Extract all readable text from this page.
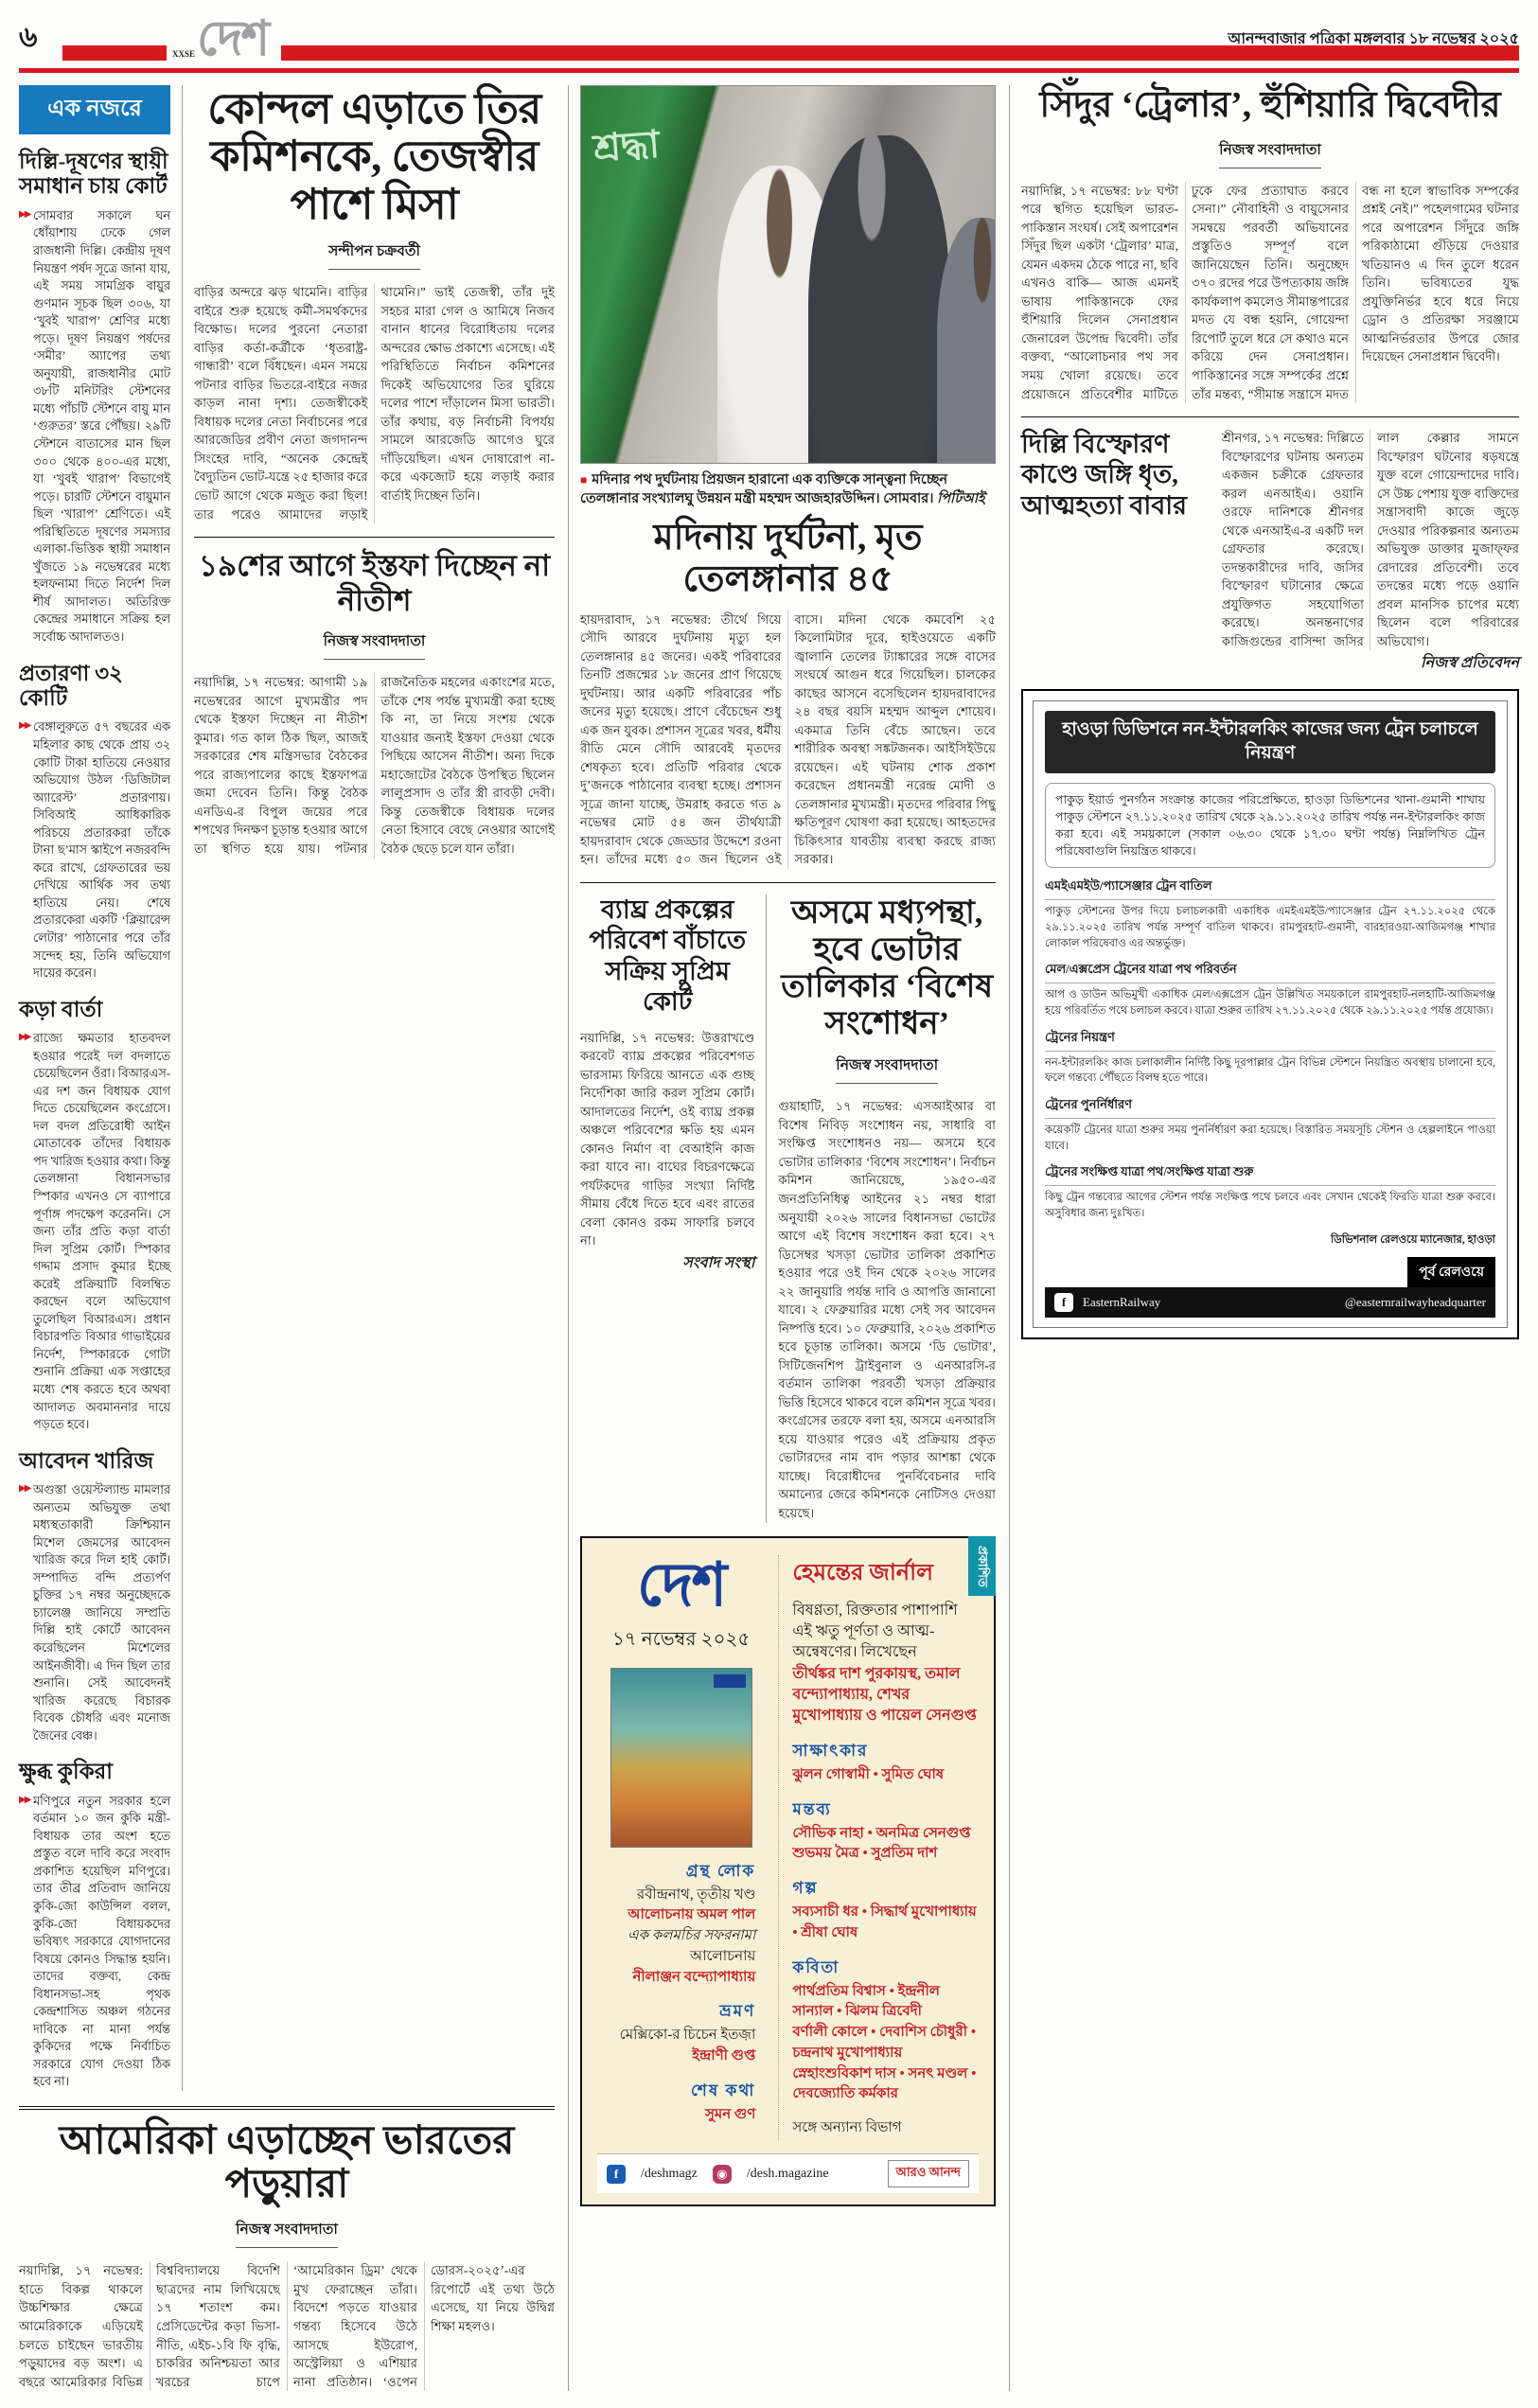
৬
XXSE দেশ	আনন্দবাজার পত্রিকা মঙ্গলবার ১৮ নভেম্বর ২০২৫
এক নজরে
দিল্লি-দূষণের স্থায়ী সমাধান চায় কোর্ট

▶▶ সোমবার সকালে ঘন ধোঁয়াশায় ঢেকে গেল রাজধানী দিল্লি। কেন্দ্রীয় দূষণ নিয়ন্ত্রণ পর্ষদ সূত্রে জানা যায়, এই সময় সামগ্রিক বায়ুর গুণমান সূচক ছিল ৩০৬, যা ‘খুবই খারাপ’ শ্রেণির মধ্যে পড়ে। দূষণ নিয়ন্ত্রণ পর্ষদের ‘সমীর’ অ্যাপের তথ্য অনুযায়ী, রাজধানীর মোট ৩৮টি মনিটরিং স্টেশনের মধ্যে পাঁচটি স্টেশনে বায়ু মান ‘গুরুতর’ স্তরে পৌঁছয়। ২৯টি স্টেশনে বাতাসের মান ছিল ৩০০ থেকে ৪০০-এর মধ্যে, যা ‘খুবই খারাপ’ বিভাগেই পড়ে। চারটি স্টেশনে বায়ুমান ছিল ‘খারাপ’ শ্রেণিতে। এই পরিস্থিতিতে দূষণের সমস্যার এলাকা-ভিত্তিক স্থায়ী সমাধান খুঁজতে ১৯ নভেম্বরের মধ্যে হলফনামা দিতে নির্দেশ দিল শীর্ষ আদালত। অতিরিক্ত কেন্দ্রের সমাধানে সক্রিয় হল সর্বোচ্চ আদালতও।

প্রতারণা ৩২ কোটি

▶▶ বেঙ্গালুরুতে ৫৭ বছরের এক মহিলার কাছ থেকে প্রায় ৩২ কোটি টাকা হাতিয়ে নেওয়ার অভিযোগ উঠল ‘ডিজিটাল অ্যারেস্ট’ প্রতারণায়। সিবিআই আধিকারিক পরিচয়ে প্রতারকরা তাঁকে টানা ছ’মাস স্কাইপে নজরবন্দি করে রাখে, গ্রেফতারের ভয় দেখিয়ে আর্থিক সব তথ্য হাতিয়ে নেয়। শেষে প্রতারকেরা একটি ‘ক্লিয়ারেন্স লেটার’ পাঠানোর পরে তাঁর সন্দেহ হয়, তিনি অভিযোগ দায়ের করেন।

কড়া বার্তা

▶▶ রাজ্যে ক্ষমতার হাতবদল হওয়ার পরেই দল বদলাতে চেয়েছিলেন ওঁরা। বিআরএস-এর দশ জন বিধায়ক যোগ দিতে চেয়েছিলেন কংগ্রেসে। দল বদল প্রতিরোধী আইন মোতাবেক তাঁদের বিধায়ক পদ খারিজ হওয়ার কথা। কিন্তু তেলঙ্গানা বিধানসভার স্পিকার এখনও সে ব্যাপারে পূর্ণাঙ্গ পদক্ষেপ করেননি। সে জন্য তাঁর প্রতি কড়া বার্তা দিল সুপ্রিম কোর্ট। স্পিকার গদ্দাম প্রসাদ কুমার ইচ্ছে করেই প্রক্রিয়াটি বিলম্বিত করছেন বলে অভিযোগ তুলেছিল বিআরএস। প্রধান বিচারপতি বিআর গাভাইয়ের নির্দেশ, স্পিকারকে গোটা শুনানি প্রক্রিয়া এক সপ্তাহের মধ্যে শেষ করতে হবে অথবা আদালত অবমাননার দায়ে পড়তে হবে।

আবেদন খারিজ

▶▶ অগুস্তা ওয়েস্টল্যান্ড মামলার অন্যতম অভিযুক্ত তথা মধ্যস্থতাকারী ক্রিশ্চিয়ান মিশেল জেমসের আবেদন খারিজ করে দিল হাই কোর্ট। সম্পাদিত বন্দি প্রত্যর্পণ চুক্তির ১৭ নম্বর অনুচ্ছেদকে চ্যালেঞ্জ জানিয়ে সম্প্রতি দিল্লি হাই কোর্টে আবেদন করেছিলেন মিশেলের আইনজীবী। এ দিন ছিল তার শুনানি। সেই আবেদনই খারিজ করেছে বিচারক বিবেক চৌধরি এবং মনোজ জৈনের বেঞ্চ।

ক্ষুব্ধ কুকিরা

▶▶ মণিপুরে নতুন সরকার হলে বর্তমান ১০ জন কুকি মন্ত্রী-বিধায়ক তার অংশ হতে প্রস্তুত বলে দাবি করে সংবাদ প্রকাশিত হয়েছিল মণিপুরে। তার তীব্র প্রতিবাদ জানিয়ে কুকি-জো কাউন্সিল বলল, কুকি-জো বিধায়কদের ভবিষ্যৎ সরকারে যোগদানের বিষয়ে কোনও সিদ্ধান্ত হয়নি। তাদের বক্তব্য, কেন্দ্র বিধানসভা-সহ পৃথক কেন্দ্রশাসিত অঞ্চল গঠনের দাবিকে না মানা পর্যন্ত কুকিদের পক্ষে নির্বাচিত সরকারে যোগ দেওয়া ঠিক হবে না।

কোন্দল এড়াতে তির কমিশনকে, তেজস্বীর পাশে মিসা
সন্দীপন চক্রবর্তী
বাড়ির অন্দরে ঝড় থামেনি। বাড়ির বাইরে শুরু হয়েছে কর্মী-সমর্থকদের বিক্ষোভ। দলের পুরনো নেতারা বাড়ির কর্তা-কর্ত্রীকে ‘ধৃতরাষ্ট্র-গান্ধারী’ বলে বিঁধছেন। এমন সময়ে পটনার বাড়ির ভিতরে-বাইরে নজর কাড়ল নানা দৃশ্য। তেজস্বীকেই বিধায়ক দলের নেতা নির্বাচনের পরে আরজেডির প্রবীণ নেতা জগদানন্দ সিংহের দাবি, “অনেক কেন্দ্রেই বৈদ্যুতিন ভোট-যন্ত্রে ২৫ হাজার করে ভোট আগে থেকে মজুত করা ছিল! তার পরেও আমাদের লড়াই থামেনি।” ভাই তেজস্বী, তাঁর দুই সহচর মারা গেল ও আমিষে নিজব বানান ধানের বিরোধিতায় দলের অন্দরের ক্ষোভ প্রকাশ্যে এসেছে। এই পরিস্থিতিতে নির্বাচন কমিশনের দিকেই অভিযোগের তির ঘুরিয়ে দলের পাশে দাঁড়ালেন মিসা ভারতী। তাঁর কথায়, বড় নির্বাচনী বিপর্যয় সামলে আরজেডি আগেও ঘুরে দাঁড়িয়েছিল। এখন দোষারোপ না-করে একজোট হয়ে লড়াই করার বার্তাই দিচ্ছেন তিনি।
১৯শের আগে ইস্তফা দিচ্ছেন না নীতীশ
নিজস্ব সংবাদদাতা
নয়াদিল্লি, ১৭ নভেম্বর: আগামী ১৯ নভেম্বরের আগে মুখ্যমন্ত্রীর পদ থেকে ইস্তফা দিচ্ছেন না নীতীশ কুমার। গত কাল ঠিক ছিল, আজই সরকারের শেষ মন্ত্রিসভার বৈঠকের পরে রাজ্যপালের কাছে ইস্তফাপত্র জমা দেবেন তিনি। কিন্তু বৈঠক এনডিএ-র বিপুল জয়ের পরে শপথের দিনক্ষণ চূড়ান্ত হওয়ার আগে তা স্থগিত হয়ে যায়। পটনার রাজনৈতিক মহলের একাংশের মতে, তাঁকে শেষ পর্যন্ত মুখ্যমন্ত্রী করা হচ্ছে কি না, তা নিয়ে সংশয় থেকে যাওয়ার জন্যই ইস্তফা দেওয়া থেকে পিছিয়ে আসেন নীতীশ। অন্য দিকে মহাজোটের বৈঠকে উপস্থিত ছিলেন লালুপ্রসাদ ও তাঁর স্ত্রী রাবড়ী দেবী। কিন্তু তেজস্বীকে বিধায়ক দলের নেতা হিসাবে বেছে নেওয়ার আগেই বৈঠক ছেড়ে চলে যান তাঁরা।
আমেরিকা এড়াচ্ছেন ভারতের পড়ুয়ারা
নিজস্ব সংবাদদাতা
নয়াদিল্লি, ১৭ নভেম্বর: হাতে বিকল্প থাকলে উচ্চশিক্ষার ক্ষেত্রে আমেরিকাকে এড়িয়েই চলতে চাইছেন ভারতীয় পড়ুয়াদের বড় অংশ। এ বছরে আমেরিকার বিভিন্ন বিশ্ববিদ্যালয়ে বিদেশি ছাত্রদের নাম লিখিয়েছে ১৭ শতাংশ কম। প্রেসিডেন্টের কড়া ভিসা-নীতি, এইচ-১বি ফি বৃদ্ধি, চাকরির অনিশ্চয়তা আর খরচের চাপে ‘আমেরিকান ড্রিম’ থেকে মুখ ফেরাচ্ছেন তাঁরা। বিদেশে পড়তে যাওয়ার গন্তব্য হিসেবে উঠে আসছে ইউরোপ, অস্ট্রেলিয়া ও এশিয়ার নানা প্রতিষ্ঠান। ‘ওপেন ডোরস-২০২৫’-এর রিপোর্টে এই তথ্য উঠে এসেছে, যা নিয়ে উদ্বিগ্ন শিক্ষা মহলও।
শ্রদ্ধা

■ মদিনার পথ দুর্ঘটনায় প্রিয়জন হারানো এক ব্যক্তিকে সান্ত্বনা দিচ্ছেন তেলঙ্গানার সংখ্যালঘু উন্নয়ন মন্ত্রী মহম্মদ আজহারউদ্দিন। সোমবার। পিটিআই

মদিনায় দুর্ঘটনা, মৃত তেলঙ্গানার ৪৫
হায়দরাবাদ, ১৭ নভেম্বর: তীর্থে গিয়ে সৌদি আরবে দুর্ঘটনায় মৃত্যু হল তেলঙ্গানার ৪৫ জনের। একই পরিবারের তিনটি প্রজন্মের ১৮ জনের প্রাণ গিয়েছে দুর্ঘটনায়। আর একটি পরিবারের পাঁচ জনের মৃত্যু হয়েছে। প্রাণে বেঁচেছেন শুধু এক জন যুবক। প্রশাসন সূত্রের খবর, ধর্মীয় রীতি মেনে সৌদি আরবেই মৃতদের শেষকৃত্য হবে। প্রতিটি পরিবার থেকে দু’জনকে পাঠানোর ব্যবস্থা হচ্ছে। প্রশাসন সূত্রে জানা যাচ্ছে, উমরাহ করতে গত ৯ নভেম্বর মোট ৫৪ জন তীর্থযাত্রী হায়দরাবাদ থেকে জেড্ডার উদ্দেশে রওনা হন। তাঁদের মধ্যে ৫০ জন ছিলেন ওই বাসে। মদিনা থেকে কমবেশি ২৫ কিলোমিটার দূরে, হাইওয়েতে একটি জ্বালানি তেলের ট্যাঙ্কারের সঙ্গে বাসের সংঘর্ষে আগুন ধরে গিয়েছিল। চালকের কাছের আসনে বসেছিলেন হায়দরাবাদের ২৪ বছর বয়সি মহম্মদ আব্দুল শোয়েব। একমাত্র তিনি বেঁচে আছেন। তবে শারীরিক অবস্থা সঙ্কটজনক। আইসিইউয়ে রয়েছেন। এই ঘটনায় শোক প্রকাশ করেছেন প্রধানমন্ত্রী নরেন্দ্র মোদী ও তেলঙ্গানার মুখ্যমন্ত্রী। মৃতদের পরিবার পিছু ক্ষতিপূরণ ঘোষণা করা হয়েছে। আহতদের চিকিৎসার যাবতীয় ব্যবস্থা করছে রাজ্য সরকার।
ব্যাঘ্র প্রকল্পের পরিবেশ বাঁচাতে সক্রিয় সুপ্রিম কোর্ট
নয়াদিল্লি, ১৭ নভেম্বর: উত্তরাখণ্ডে করবেট ব্যাঘ্র প্রকল্পের পরিবেশগত ভারসাম্য ফিরিয়ে আনতে এক গুচ্ছ নির্দেশিকা জারি করল সুপ্রিম কোর্ট। আদালতের নির্দেশ, ওই ব্যাঘ্র প্রকল্প অঞ্চলে পরিবেশের ক্ষতি হয় এমন কোনও নির্মাণ বা বেআইনি কাজ করা যাবে না। বাঘের বিচরণক্ষেত্রে পর্যটকদের গাড়ির সংখ্যা নির্দিষ্ট সীমায় বেঁধে দিতে হবে এবং রাতের বেলা কোনও রকম সাফারি চলবে না।
সংবাদ সংস্থা
অসমে মধ্যপন্থা, হবে ভোটার তালিকার ‘বিশেষ সংশোধন’
নিজস্ব সংবাদদাতা
গুয়াহাটি, ১৭ নভেম্বর: এসআইআর বা বিশেষ নিবিড় সংশোধন নয়, সাধারি বা সংক্ষিপ্ত সংশোধনও নয়— অসমে হবে ভোটার তালিকার ‘বিশেষ সংশোধন’। নির্বাচন কমিশন জানিয়েছে, ১৯৫০-এর জনপ্রতিনিধিত্ব আইনের ২১ নম্বর ধারা অনুযায়ী ২০২৬ সালের বিধানসভা ভোটের আগে এই বিশেষ সংশোধন করা হবে। ২৭ ডিসেম্বর খসড়া ভোটার তালিকা প্রকাশিত হওয়ার পরে ওই দিন থেকে ২০২৬ সালের ২২ জানুয়ারি পর্যন্ত দাবি ও আপত্তি জানানো যাবে। ২ ফেব্রুয়ারির মধ্যে সেই সব আবেদন নিষ্পত্তি হবে। ১০ ফেব্রুয়ারি, ২০২৬ প্রকাশিত হবে চূড়ান্ত তালিকা। অসমে ‘ডি ভোটার’, সিটিজেনশিপ ট্রাইবুনাল ও এনআরসি-র বর্তমান তালিকা পরবর্তী খসড়া প্রক্রিয়ার ভিত্তি হিসেবে থাকবে বলে কমিশন সূত্রে খবর। কংগ্রেসের তরফে বলা হয়, অসমে এনআরসি হয়ে যাওয়ার পরেও এই প্রক্রিয়ায় প্রকৃত ভোটারদের নাম বাদ পড়ার আশঙ্কা থেকে যাচ্ছে। বিরোধীদের পুনর্বিবেচনার দাবি অমান্যের জেরে কমিশনকে নোটিসও দেওয়া হয়েছে।
প্রকাশিত
দেশ
১৭ নভেম্বর ২০২৫
গ্রন্থ লোক
রবীন্দ্রনাথ, তৃতীয় খণ্ড
আলোচনায় অমল পাল
এক কলমচির সফরনামা
আলোচনায়
নীলাঞ্জন বন্দ্যোপাধ্যায়
ভ্রমণ
মেক্সিকো-র চিচেন ইতজ়া
ইন্দ্রাণী গুপ্ত
শেষ কথা
সুমন গুণ
হেমন্তের জার্নাল
বিষণ্ণতা, রিক্ততার পাশাপাশি এই ঋতু পূর্ণতা ও আত্ম-অন্বেষণের। লিখেছেন
তীর্থঙ্কর দাশ পুরকায়স্থ, তমাল বন্দ্যোপাধ্যায়, শেখর মুখোপাধ্যায় ও পায়েল সেনগুপ্ত
সাক্ষাৎকার
ঝুলন গোস্বামী • সুমিত ঘোষ
মন্তব্য
সৌভিক নাহা • অনমিত্র সেনগুপ্ত
শুভময় মৈত্র • সুপ্রতিম দাশ
গল্প
সব্যসাচী ধর • সিদ্ধার্থ মুখোপাধ্যায় • শ্রীষা ঘোষ
কবিতা
পার্থপ্রতিম বিশ্বাস • ইন্দ্রনীল সান্যাল • ঝিলম ত্রিবেদী
বর্ণালী কোলে • দেবাশিস চৌধুরী • চন্দ্রনাথ মুখোপাধ্যায়
স্নেহাংশুবিকাশ দাস • সনৎ মণ্ডল • দেবজ্যোতি কর্মকার
সঙ্গে অন্যান্য বিভাগ
f	/deshmagz	◉	/desh.magazine	আরও আনন্দ
সিঁদুর ‘ট্রেলার’, হুঁশিয়ারি দ্বিবেদীর
নিজস্ব সংবাদদাতা
নয়াদিল্লি, ১৭ নভেম্বর: ৮৮ ঘণ্টা পরে স্থগিত হয়েছিল ভারত-পাকিস্তান সংঘর্ষ। সেই অপারেশন সিঁদুর ছিল একটা ‘ট্রেলার’ মাত্র, যেমন একদম ঠেকে পারে না, ছবি এখনও বাকি— আজ এমনই ভাষায় পাকিস্তানকে ফের হুঁশিয়ারি দিলেন সেনাপ্রধান জেনারেল উপেন্দ্র দ্বিবেদী। তাঁর বক্তব্য, “আলোচনার পথ সব সময় খোলা রয়েছে। তবে প্রয়োজনে প্রতিবেশীর মাটিতে ঢুকে ফের প্রত্যাঘাত করবে সেনা।” নৌবাহিনী ও বায়ুসেনার সমন্বয়ে পরবর্তী অভিযানের প্রস্তুতিও সম্পূর্ণ বলে জানিয়েছেন তিনি। অনুচ্ছেদ ৩৭০ রদের পরে উপত্যকায় জঙ্গি কার্যকলাপ কমলেও সীমান্তপারের মদত যে বন্ধ হয়নি, গোয়েন্দা রিপোর্ট তুলে ধরে সে কথাও মনে করিয়ে দেন সেনাপ্রধান। পাকিস্তানের সঙ্গে সম্পর্কের প্রশ্নে তাঁর মন্তব্য, “সীমান্ত সন্ত্রাসে মদত বন্ধ না হলে স্বাভাবিক সম্পর্কের প্রশ্নই নেই।” পহেলগামের ঘটনার পরে অপারেশন সিঁদুরে জঙ্গি পরিকাঠামো গুঁড়িয়ে দেওয়ার খতিয়ানও এ দিন তুলে ধরেন তিনি। ভবিষ্যতের যুদ্ধ প্রযুক্তিনির্ভর হবে ধরে নিয়ে ড্রোন ও প্রতিরক্ষা সরঞ্জামে আত্মনির্ভরতার উপরে জোর দিয়েছেন সেনাপ্রধান দ্বিবেদী।
দিল্লি বিস্ফোরণ কাণ্ডে জঙ্গি ধৃত, আত্মহত্যা বাবার
শ্রীনগর, ১৭ নভেম্বর: দিল্লিতে বিস্ফোরণের ঘটনায় অন্যতম একজন চক্রীকে গ্রেফতার করল এনআইএ। ওয়ানি ওরফে দানিশকে শ্রীনগর থেকে এনআইএ-র একটি দল গ্রেফতার করেছে। তদন্তকারীদের দাবি, জসির বিস্ফোরণ ঘটানোর ক্ষেত্রে প্রযুক্তিগত সহযোগিতা করেছে। অনন্তনাগের কাজিগুন্ডের বাসিন্দা জসির লাল কেল্লার সামনে বিস্ফোরণ ঘটনোর ষড়যন্ত্রে যুক্ত বলে গোয়েন্দাদের দাবি। সে উচ্চ পেশায় যুক্ত ব্যক্তিদের সন্ত্রাসবাদী কাজে জুড়ে দেওয়ার পরিকল্পনার অন্যতম অভিযুক্ত ডাক্তার মুজাফ্ফর রেদারের প্রতিবেশী। তবে তদন্তের মধ্যে পড়ে ওয়ানি প্রবল মানসিক চাপের মধ্যে ছিলেন বলে পরিবারের অভিযোগ।
নিজস্ব প্রতিবেদন
হাওড়া ডিভিশনে নন-ইন্টারলকিং কাজের জন্য ট্রেন চলাচলে নিয়ন্ত্রণ
পাকুড় ইয়ার্ড পুনর্গঠন সংক্রান্ত কাজের পরিপ্রেক্ষিতে, হাওড়া ডিভিশনের খানা-গুমানী শাখায় পাকুড় স্টেশনে ২৭.১১.২০২৫ তারিখ থেকে ২৯.১১.২০২৫ তারিখ পর্যন্ত নন-ইন্টারলকিং কাজ করা হবে। এই সময়কালে (সকাল ০৬.৩০ থেকে ১৭.৩০ ঘণ্টা পর্যন্ত) নিম্নলিখিত ট্রেন পরিষেবাগুলি নিয়ন্ত্রিত থাকবে।
এমইএমইউ/প্যাসেঞ্জার ট্রেন বাতিল

পাকুড় স্টেশনের উপর দিয়ে চলাচলকারী একাধিক এমইএমইউ/প্যাসেঞ্জার ট্রেন ২৭.১১.২০২৫ থেকে ২৯.১১.২০২৫ তারিখ পর্যন্ত সম্পূর্ণ বাতিল থাকবে। রামপুরহাট-গুমানী, বারহারওয়া-আজিমগঞ্জ শাখার লোকাল পরিষেবাও এর অন্তর্ভুক্ত।

মেল/এক্সপ্রেস ট্রেনের যাত্রা পথ পরিবর্তন

আপ ও ডাউন অভিমুখী একাধিক মেল/এক্সপ্রেস ট্রেন উল্লিখিত সময়কালে রামপুরহাট-নলহাটি-আজিমগঞ্জ হয়ে পরিবর্তিত পথে চলাচল করবে। যাত্রা শুরুর তারিখ ২৭.১১.২০২৫ থেকে ২৯.১১.২০২৫ পর্যন্ত প্রযোজ্য।

ট্রেনের নিয়ন্ত্রণ

নন-ইন্টারলকিং কাজ চলাকালীন নির্দিষ্ট কিছু দূরপাল্লার ট্রেন বিভিন্ন স্টেশনে নিয়ন্ত্রিত অবস্থায় চালানো হবে, ফলে গন্তব্যে পৌঁছতে বিলম্ব হতে পারে।

ট্রেনের পুনর্নির্ধারণ

কয়েকটি ট্রেনের যাত্রা শুরুর সময় পুনর্নির্ধারণ করা হয়েছে। বিস্তারিত সময়সূচি স্টেশন ও হেল্পলাইনে পাওয়া যাবে।

ট্রেনের সংক্ষিপ্ত যাত্রা পথ/সংক্ষিপ্ত যাত্রা শুরু

কিছু ট্রেন গন্তব্যের আগের স্টেশন পর্যন্ত সংক্ষিপ্ত পথে চলবে এবং সেখান থেকেই ফিরতি যাত্রা শুরু করবে। অসুবিধার জন্য দুঃখিত।

ডিভিশনাল রেলওয়ে ম্যানেজার, হাওড়া
পূর্ব রেলওয়ে
f	EasternRailway	@easternrailwayheadquarter
